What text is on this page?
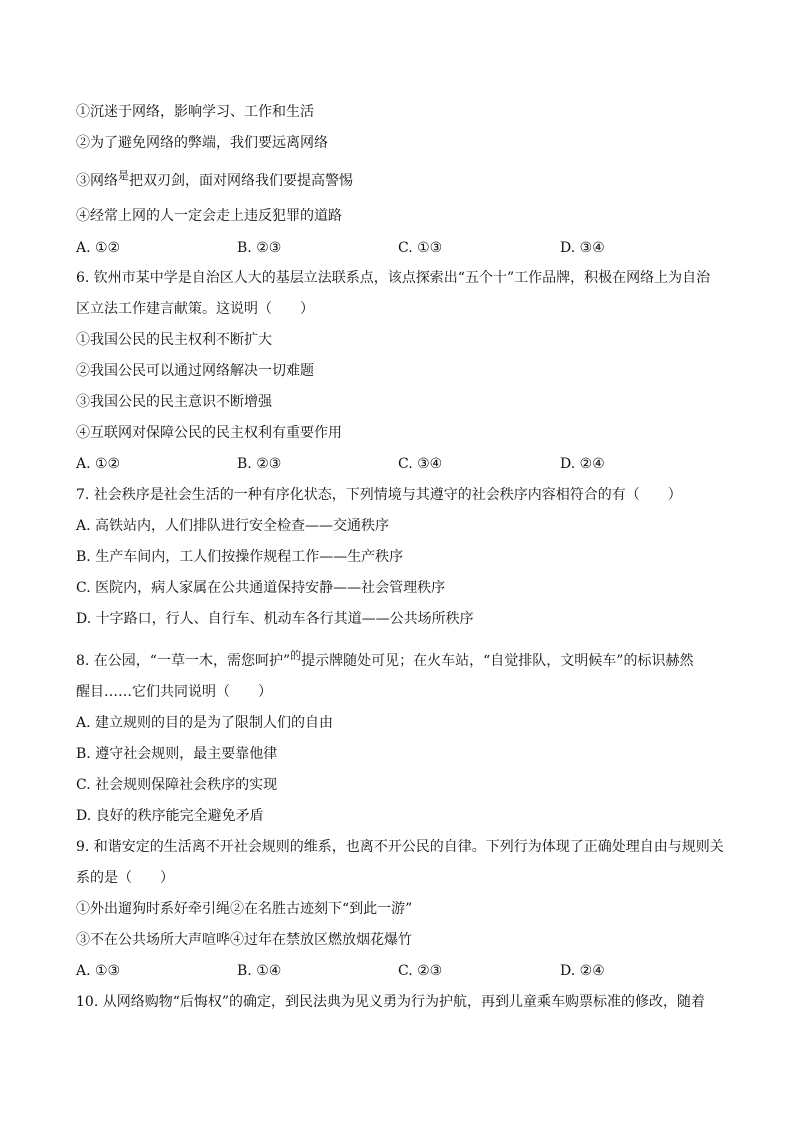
①沉迷于网络，影响学习、工作和生活
②为了避免网络的弊端，我们要远离网络
③网络$^是$把双刃剑，面对网络我们要提高警惕
④经常上网的人一定会走上违反犯罪的道路
A. ①②	B. ②③	C. ①③	D. ③④
6. 钦州市某中学是自治区人大的基层立法联系点，该点探索出“五个十”工作品牌，积极在网络上为自治
区立法工作建言献策。这说明（　　）
①我国公民的民主权利不断扩大
②我国公民可以通过网络解决一切难题
③我国公民的民主意识不断增强
④互联网对保障公民的民主权利有重要作用
A. ①②	B. ②③	C. ③④	D. ②④
7. 社会秩序是社会生活的一种有序化状态，下列情境与其遵守的社会秩序内容相符合的有（　　）
A. 高铁站内，人们排队进行安全检查——交通秩序
B. 生产车间内，工人们按操作规程工作——生产秩序
C. 医院内，病人家属在公共通道保持安静——社会管理秩序
D. 十字路口，行人、自行车、机动车各行其道——公共场所秩序
8. 在公园，“一草一木，需您呵护”$^的$提示牌随处可见；在火车站，“自觉排队，文明候车”的标识赫然
醒目……它们共同说明（　　）
A. 建立规则的目的是为了限制人们的自由
B. 遵守社会规则，最主要靠他律
C. 社会规则保障社会秩序的实现
D. 良好的秩序能完全避免矛盾
9. 和谐安定的生活离不开社会规则的维系，也离不开公民的自律。下列行为体现了正确处理自由与规则关
系的是（　　）
①外出遛狗时系好牵引绳②在名胜古迹刻下“到此一游”
③不在公共场所大声喧哗④过年在禁放区燃放烟花爆竹
A. ①③	B. ①④	C. ②③	D. ②④
10. 从网络购物“后悔权”的确定，到民法典为见义勇为行为护航，再到儿童乘车购票标准的修改，随着
